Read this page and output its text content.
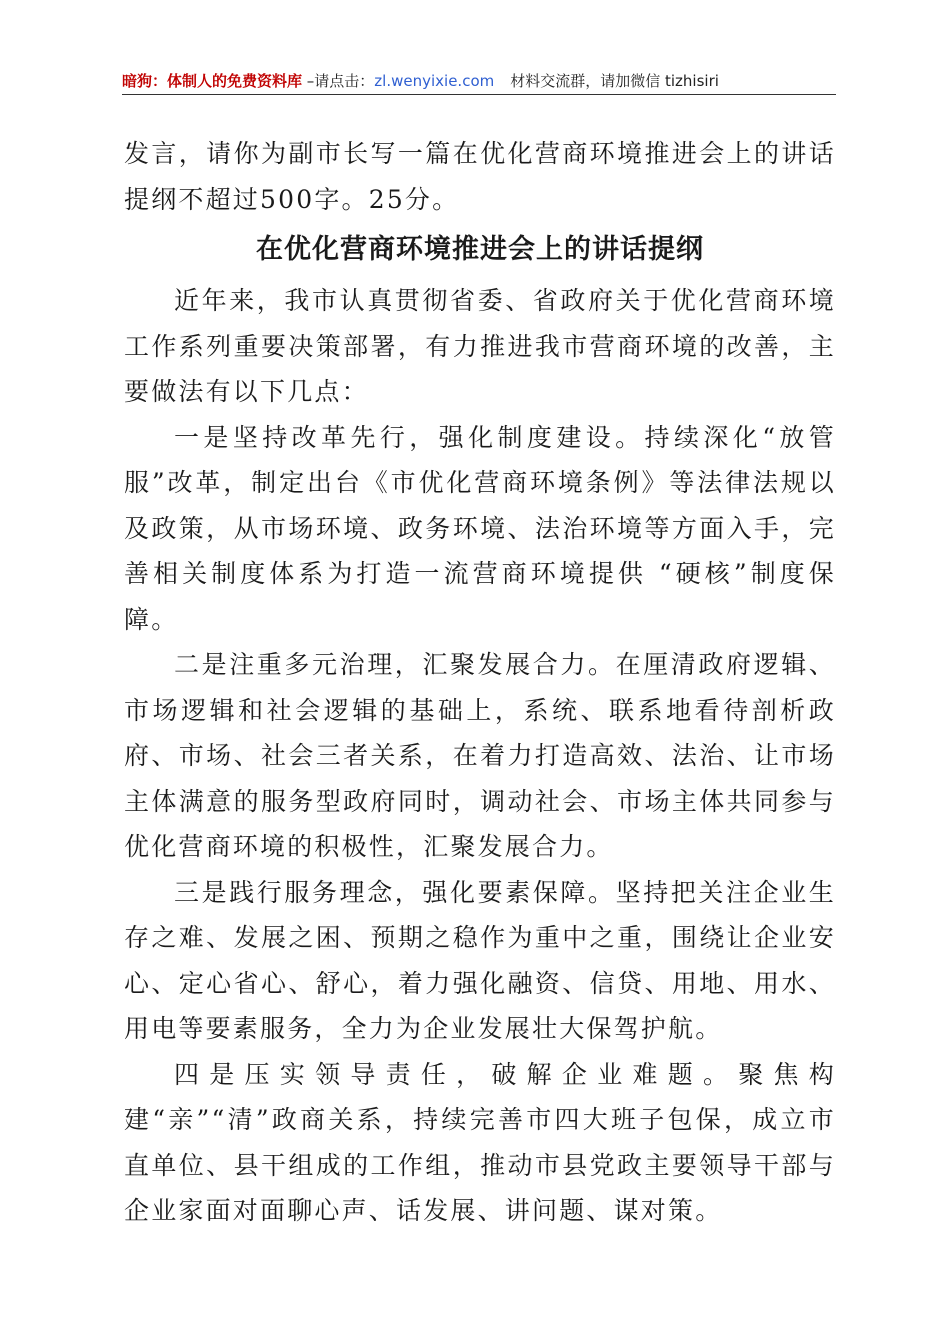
暗狗：体制人的免费资料库 –请点击：zl.wenyixie.com 材料交流群，请加微信 tizhisiri

发言，请你为副市长写一篇在优化营商环境推进会上的讲话提纲不超过500字。25分。

在优化营商环境推进会上的讲话提纲

近年来，我市认真贯彻省委、省政府关于优化营商环境工作系列重要决策部署，有力推进我市营商环境的改善，主要做法有以下几点：

一是坚持改革先行，强化制度建设。持续深化“放管服”改革，制定出台《市优化营商环境条例》等法律法规以及政策，从市场环境、政务环境、法治环境等方面入手，完善相关制度体系为打造一流营商环境提供 “硬核”制度保障。

二是注重多元治理，汇聚发展合力。在厘清政府逻辑、市场逻辑和社会逻辑的基础上，系统、联系地看待剖析政府、市场、社会三者关系，在着力打造高效、法治、让市场主体满意的服务型政府同时，调动社会、市场主体共同参与优化营商环境的积极性，汇聚发展合力。

三是践行服务理念，强化要素保障。坚持把关注企业生存之难、发展之困、预期之稳作为重中之重，围绕让企业安心、定心省心、舒心，着力强化融资、信贷、用地、用水、用电等要素服务，全力为企业发展壮大保驾护航。

四是压实领导责任，破解企业难题。聚焦构建“亲”“清”政商关系，持续完善市四大班子包保，成立市直单位、县干组成的工作组，推动市县党政主要领导干部与企业家面对面聊心声、话发展、讲问题、谋对策。
